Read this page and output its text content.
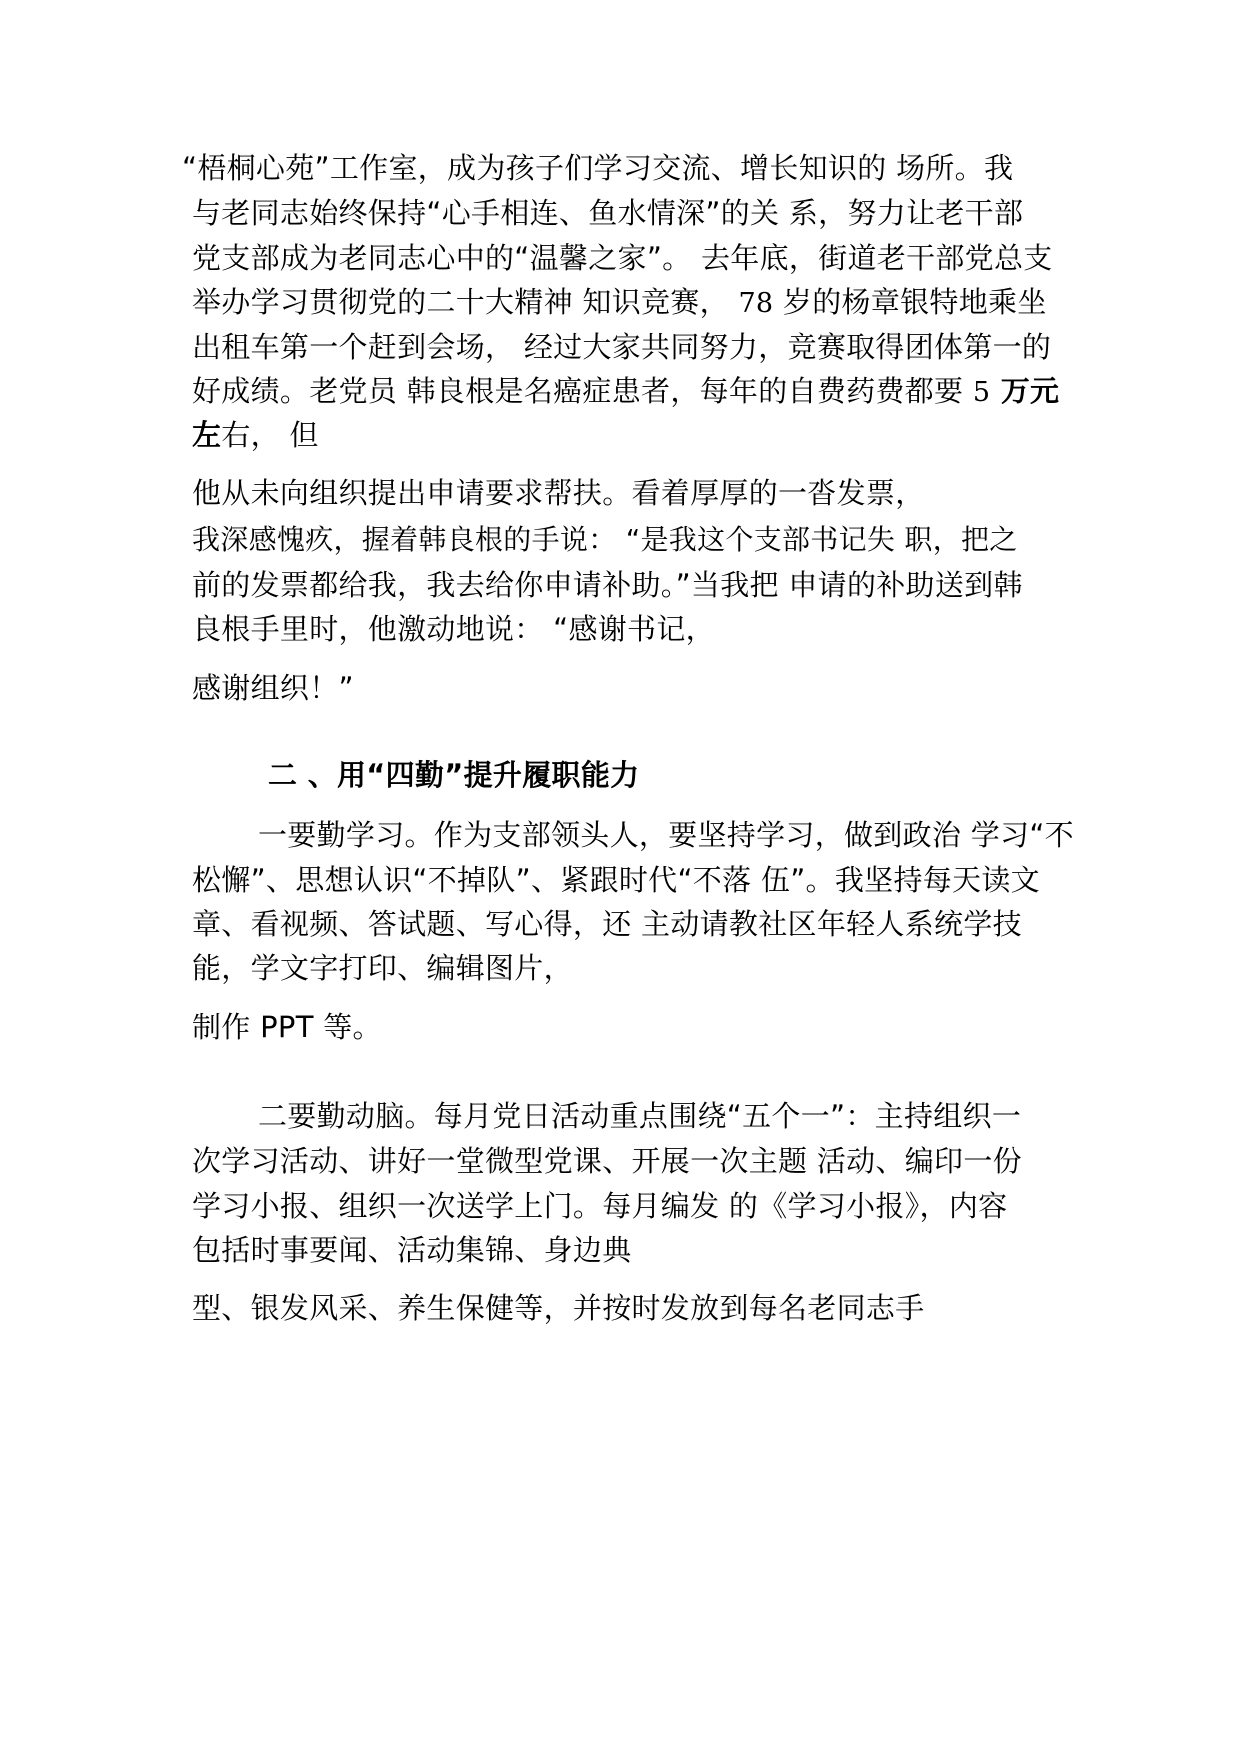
“梧桐心苑”工作室，成为孩子们学习交流、增长知识的 场所。我
与老同志始终保持“心手相连、鱼水情深”的关 系，努力让老干部
党支部成为老同志心中的“温馨之家”。 去年底，街道老干部党总支
举办学习贯彻党的二十大精神 知识竞赛， 78 岁的杨章银特地乘坐
出租车第一个赶到会场， 经过大家共同努力，竞赛取得团体第一的
好成绩。老党员 韩良根是名癌症患者，每年的自费药费都要 5 万元
左右， 但
他从未向组织提出申请要求帮扶。看着厚厚的一沓发票，
我深感愧疚，握着韩良根的手说： “是我这个支部书记失 职，把之
前的发票都给我，我去给你申请补助。”当我把 申请的补助送到韩
良根手里时，他激动地说： “感谢书记，
感谢组织！”
二 、用“四勤”提升履职能力
一要勤学习。作为支部领头人，要坚持学习，做到政治 学习“不
松懈”、思想认识“不掉队”、紧跟时代“不落 伍”。我坚持每天读文
章、看视频、答试题、写心得，还 主动请教社区年轻人系统学技
能，学文字打印、编辑图片，
制作 PPT 等。
二要勤动脑。每月党日活动重点围绕“五个一”：主持组织一
次学习活动、讲好一堂微型党课、开展一次主题 活动、编印一份
学习小报、组织一次送学上门。每月编发 的《学习小报》，内容
包括时事要闻、活动集锦、身边典
型、银发风采、养生保健等，并按时发放到每名老同志手
